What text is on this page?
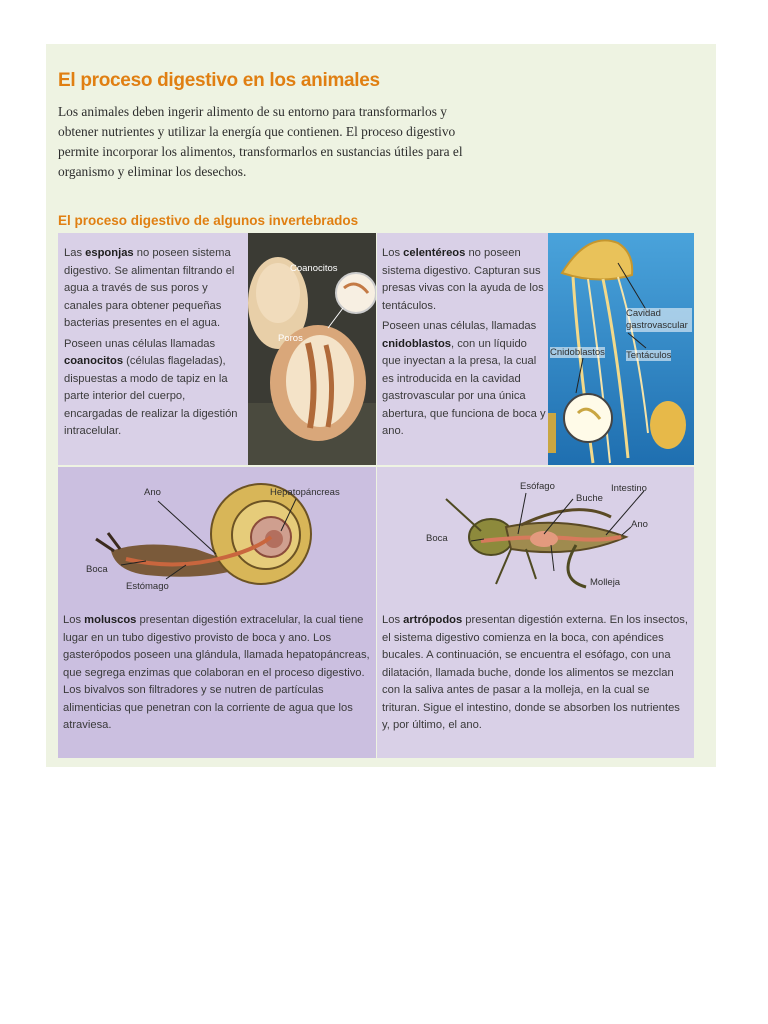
El proceso digestivo en los animales

Los animales deben ingerir alimento de su entorno para transformarlos y obtener nutrientes y utilizar la energía que contienen. El proceso digestivo permite incorporar los alimentos, transformarlos en sustancias útiles para el organismo y eliminar los desechos.

El proceso digestivo de algunos invertebrados

Las esponjas no poseen sistema digestivo. Se alimentan filtrando el agua a través de sus poros y canales para obtener pequeñas bacterias presentes en el agua.

Poseen unas células llamadas coanocitos (células flageladas), dispuestas a modo de tapiz en la parte interior del cuerpo, encargadas de realizar la digestión intracelular.

Coanocitos
Poros

Los celentéreos no poseen sistema digestivo. Capturan sus presas vivas con la ayuda de los tentáculos.

Poseen unas células, llamadas cnidoblastos, con un líquido que inyectan a la presa, la cual es introducida en la cavidad gastrovascular por una única abertura, que funciona de boca y ano.

Cavidad gastrovascular
Tentáculos
Cnidoblastos
Ano	Hepatopáncreas
Boca
Estómago

Los moluscos presentan digestión extracelular, la cual tiene lugar en un tubo digestivo provisto de boca y ano. Los gasterópodos poseen una glándula, llamada hepatopáncreas, que segrega enzimas que colaboran en el proceso digestivo. Los bivalvos son filtradores y se nutren de partículas alimenticias que penetran con la corriente de agua que los atraviesa.

Esófago
Buche
Intestino
Boca
Ano
Molleja

Los artrópodos presentan digestión externa. En los insectos, el sistema digestivo comienza en la boca, con apéndices bucales. A continuación, se encuentra el esófago, con una dilatación, llamada buche, donde los alimentos se mezclan con la saliva antes de pasar a la molleja, en la cual se trituran. Sigue el intestino, donde se absorben los nutrientes y, por último, el ano.
